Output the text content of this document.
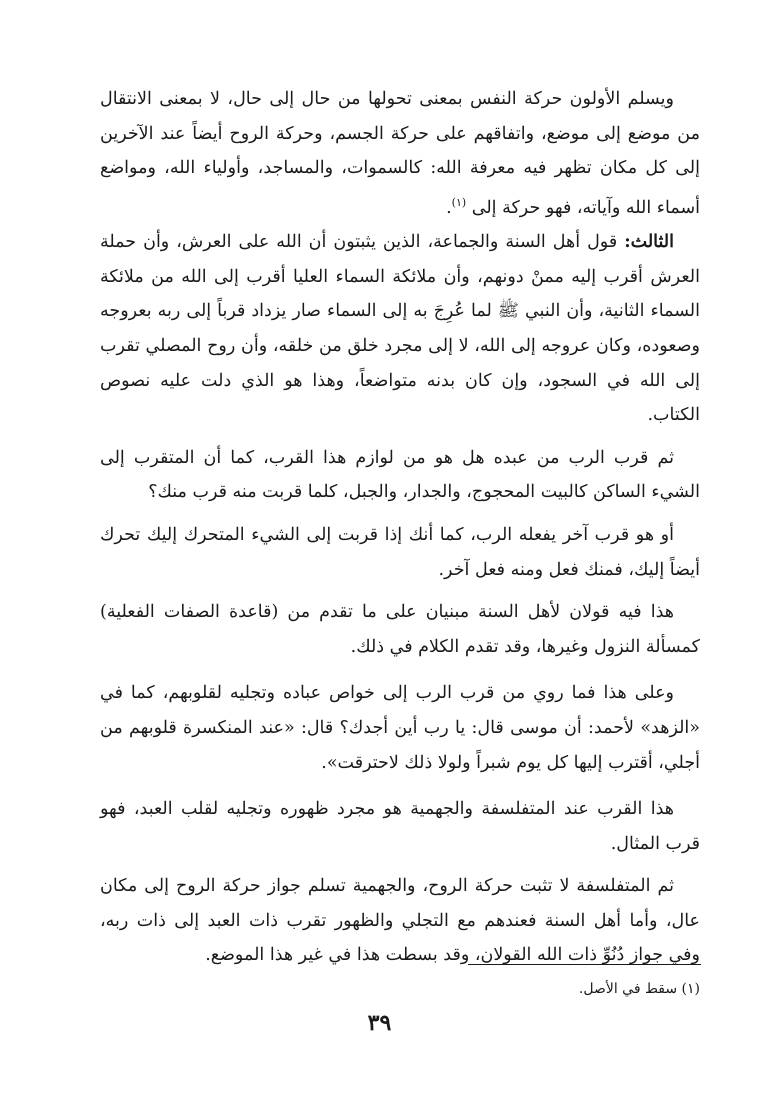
ويسلم الأولون حركة النفس بمعنى تحولها من حال إلى حال، لا بمعنى الانتقال من موضع إلى موضع، واتفاقهم على حركة الجسم، وحركة الروح أيضاً عند الآخرين إلى كل مكان تظهر فيه معرفة الله: كالسموات، والمساجد، وأولياء الله، ومواضع أسماء الله وآياته، فهو حركة إلى $^{(١)}$.

الثالث: قول أهل السنة والجماعة، الذين يثبتون أن الله على العرش، وأن حملة العرش أقرب إليه ممنْ دونهم، وأن ملائكة السماء العليا أقرب إلى الله من ملائكة السماء الثانية، وأن النبي ﷺ لما عُرِجَ به إلى السماء صار يزداد قرباً إلى ربه بعروجه وصعوده، وكان عروجه إلى الله، لا إلى مجرد خلق من خلقه، وأن روح المصلي تقرب إلى الله في السجود، وإن كان بدنه متواضعاً، وهذا هو الذي دلت عليه نصوص الكتاب.

ثم قرب الرب من عبده هل هو من لوازم هذا القرب، كما أن المتقرب إلى الشيء الساكن كالبيت المحجوج، والجدار، والجبل، كلما قربت منه قرب منك؟

أو هو قرب آخر يفعله الرب، كما أنك إذا قربت إلى الشيء المتحرك إليك تحرك أيضاً إليك، فمنك فعل ومنه فعل آخر.

هذا فيه قولان لأهل السنة مبنيان على ما تقدم من (قاعدة الصفات الفعلية) كمسألة النزول وغيرها، وقد تقدم الكلام في ذلك.

وعلى هذا فما روي من قرب الرب إلى خواص عباده وتجليه لقلوبهم، كما في «الزهد» لأحمد: أن موسى قال: يا رب أين أجدك؟ قال: «عند المنكسرة قلوبهم من أجلي، أقترب إليها كل يوم شبراً ولولا ذلك لاحترقت».

هذا القرب عند المتفلسفة والجهمية هو مجرد ظهوره وتجليه لقلب العبد، فهو قرب المثال.

ثم المتفلسفة لا تثبت حركة الروح، والجهمية تسلم جواز حركة الروح إلى مكان عال، وأما أهل السنة فعندهم مع التجلي والظهور تقرب ذات العبد إلى ذات ربه، وفي جواز دُنُوِّ ذات الله القولان، وقد بسطت هذا في غير هذا الموضع.

(١) سقط في الأصل.
٣٩
